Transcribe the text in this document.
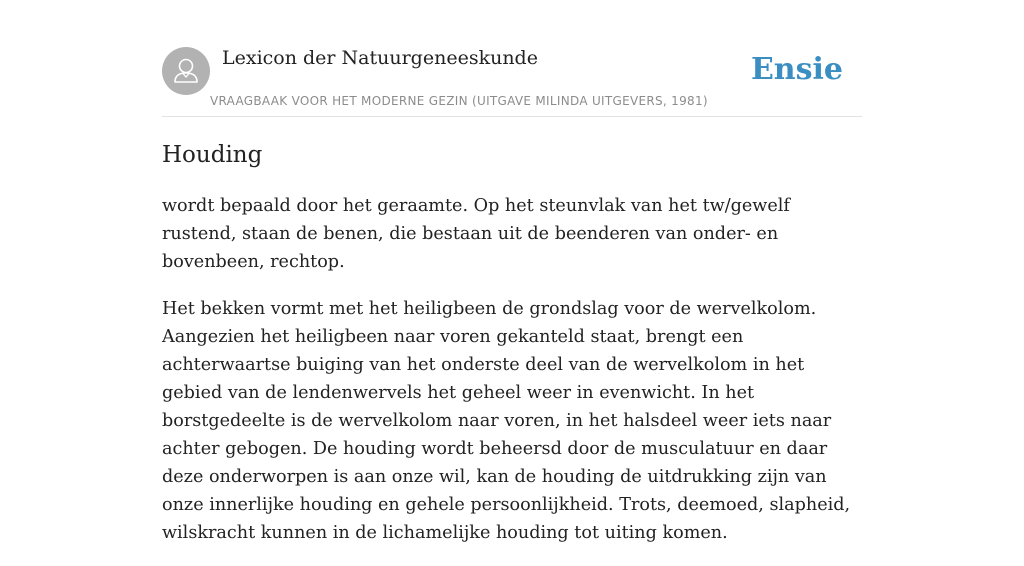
Lexicon der Natuurgeneeskunde
VRAAGBAAK VOOR HET MODERNE GEZIN (UITGAVE MILINDA UITGEVERS, 1981)
Ensie
Houding

wordt bepaald door het geraamte. Op het steunvlak van het tw/gewelf rustend, staan de benen, die bestaan uit de beenderen van onder- en bovenbeen, rechtop.

Het bekken vormt met het heiligbeen de grondslag voor de wervelkolom. Aangezien het heiligbeen naar voren gekanteld staat, brengt een achterwaartse buiging van het onderste deel van de wervelkolom in het gebied van de lendenwervels het geheel weer in evenwicht. In het borstgedeelte is de wervelkolom naar voren, in het halsdeel weer iets naar achter gebogen. De houding wordt beheersd door de musculatuur en daar deze onderworpen is aan onze wil, kan de houding de uitdrukking zijn van onze innerlijke houding en gehele persoonlijkheid. Trots, deemoed, slapheid, wilskracht kunnen in de lichamelijke houding tot uiting komen.
